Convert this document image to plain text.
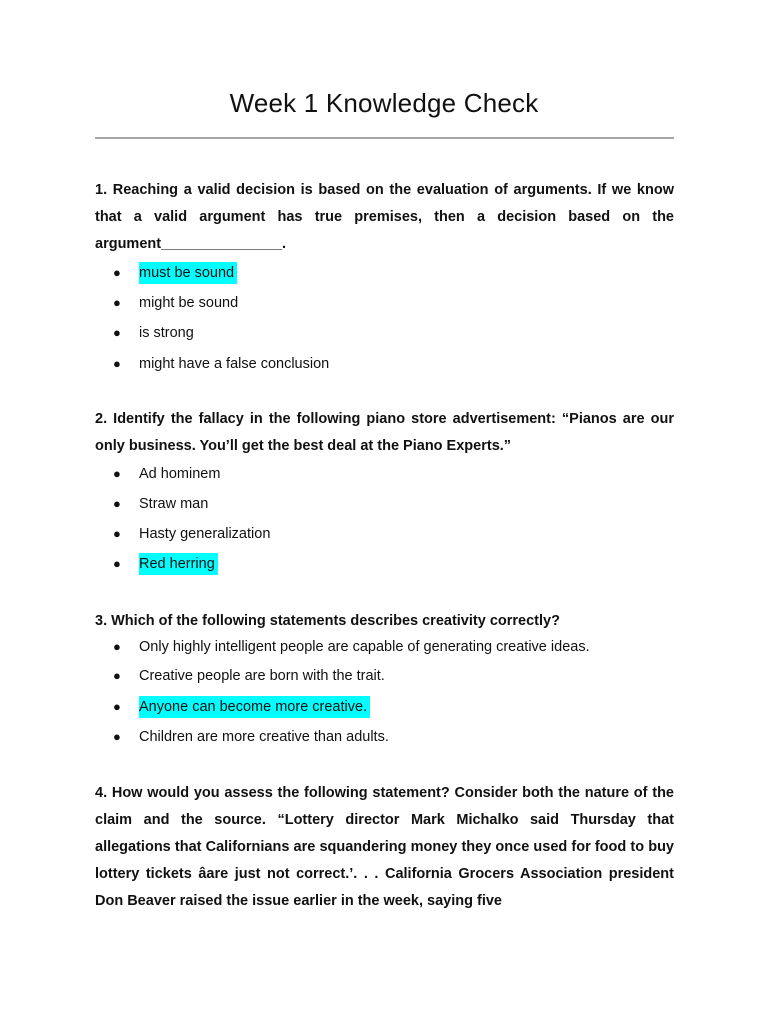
Week 1 Knowledge Check
1. Reaching a valid decision is based on the evaluation of arguments. If we know that a valid argument has true premises, then a decision based on the argument_______________.
● must be sound
● might be sound
● is strong
● might have a false conclusion
2. Identify the fallacy in the following piano store advertisement: “Pianos are our only business. You’ll get the best deal at the Piano Experts.”
● Ad hominem
● Straw man
● Hasty generalization
● Red herring
3. Which of the following statements describes creativity correctly?
● Only highly intelligent people are capable of generating creative ideas.
● Creative people are born with the trait.
● Anyone can become more creative.
● Children are more creative than adults.
4. How would you assess the following statement? Consider both the nature of the claim and the source. “Lottery director Mark Michalko said Thursday that allegations that Californians are squandering money they once used for food to buy lottery tickets âare just not correct.’. . . California Grocers Association president Don Beaver raised the issue earlier in the week, saying five
